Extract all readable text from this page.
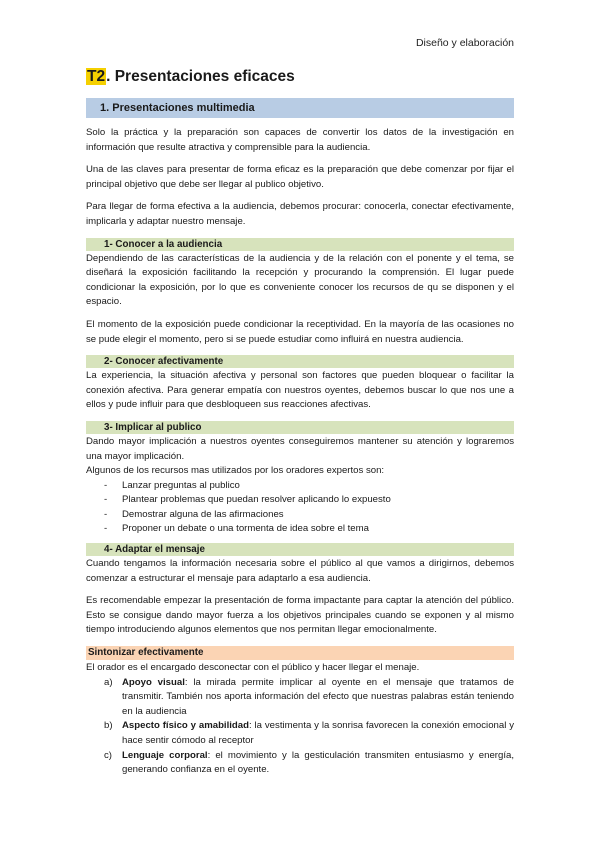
Diseño y elaboración
T2. Presentaciones eficaces
1. Presentaciones multimedia

Solo la práctica y la preparación son capaces de convertir los datos de la investigación en información que resulte atractiva y comprensible para la audiencia.

Una de las claves para presentar de forma eficaz es la preparación que debe comenzar por fijar el principal objetivo que debe ser llegar al publico objetivo.

Para llegar de forma efectiva a la audiencia, debemos procurar: conocerla, conectar efectivamente, implicarla y adaptar nuestro mensaje.

1- Conocer a la audiencia

Dependiendo de las características de la audiencia y de la relación con el ponente y el tema, se diseñará la exposición facilitando la recepción y procurando la comprensión. El lugar puede condicionar la exposición, por lo que es conveniente conocer los recursos de qu se disponen y el espacio.

El momento de la exposición puede condicionar la receptividad. En la mayoría de las ocasiones no se pude elegir el momento, pero si se puede estudiar como influirá en nuestra audiencia.

2- Conocer afectivamente

La experiencia, la situación afectiva y personal son factores que pueden bloquear o facilitar la conexión afectiva. Para generar empatía con nuestros oyentes, debemos buscar lo que nos une a ellos y pude influir para que desbloqueen sus reacciones afectivas.

3- Implicar al publico

Dando mayor implicación a nuestros oyentes conseguiremos mantener su atención y lograremos una mayor implicación.

Algunos de los recursos mas utilizados por los oradores expertos son:

- Lanzar preguntas al publico
- Plantear problemas que puedan resolver aplicando lo expuesto
- Demostrar alguna de las afirmaciones
- Proponer un debate o una tormenta de idea sobre el tema
4- Adaptar el mensaje

Cuando tengamos la información necesaria sobre el público al que vamos a dirigirnos, debemos comenzar a estructurar el mensaje para adaptarlo a esa audiencia.

Es recomendable empezar la presentación de forma impactante para captar la atención del público. Esto se consigue dando mayor fuerza a los objetivos principales cuando se exponen y al mismo tiempo introduciendo algunos elementos que nos permitan llegar emocionalmente.

Sintonizar efectivamente

El orador es el encargado desconectar con el público y hacer llegar el menaje.

a) Apoyo visual: la mirada permite implicar al oyente en el mensaje que tratamos de transmitir. También nos aporta información del efecto que nuestras palabras están teniendo en la audiencia
b) Aspecto físico y amabilidad: la vestimenta y la sonrisa favorecen la conexión emocional y hace sentir cómodo al receptor
c) Lenguaje corporal: el movimiento y la gesticulación transmiten entusiasmo y energía, generando confianza en el oyente.
